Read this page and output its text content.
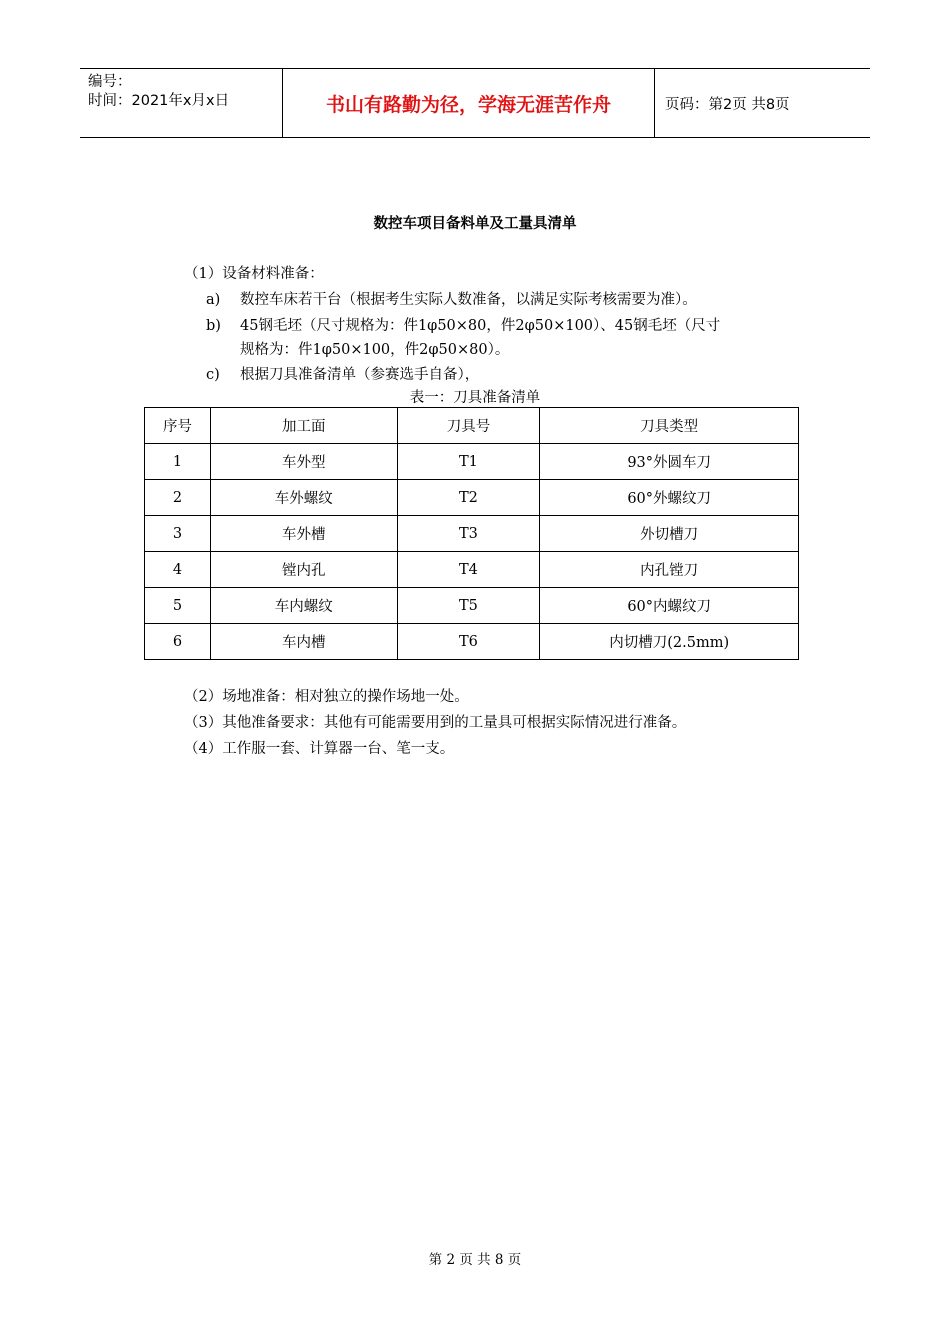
编号：
时间：2021年x月x日	书山有路勤为径，学海无涯苦作舟	页码：第2页 共8页
数控车项目备料单及工量具清单
（1）设备材料准备：
a) 数控车床若干台（根据考生实际人数准备，以满足实际考核需要为准）。
b) 45钢毛坯（尺寸规格为：件1φ50×80，件2φ50×100）、45钢毛坯（尺寸
规格为：件1φ50×100，件2φ50×80）。
c) 根据刀具准备清单（参赛选手自备），
表一：刀具准备清单
序号	加工面	刀具号	刀具类型
1	车外型	T1	93°外圆车刀
2	车外螺纹	T2	60°外螺纹刀
3	车外槽	T3	外切槽刀
4	镗内孔	T4	内孔镗刀
5	车内螺纹	T5	60°内螺纹刀
6	车内槽	T6	内切槽刀(2.5mm)
（2）场地准备：相对独立的操作场地一处。
（3）其他准备要求：其他有可能需要用到的工量具可根据实际情况进行准备。
（4）工作服一套、计算器一台、笔一支。
第 2 页 共 8 页
